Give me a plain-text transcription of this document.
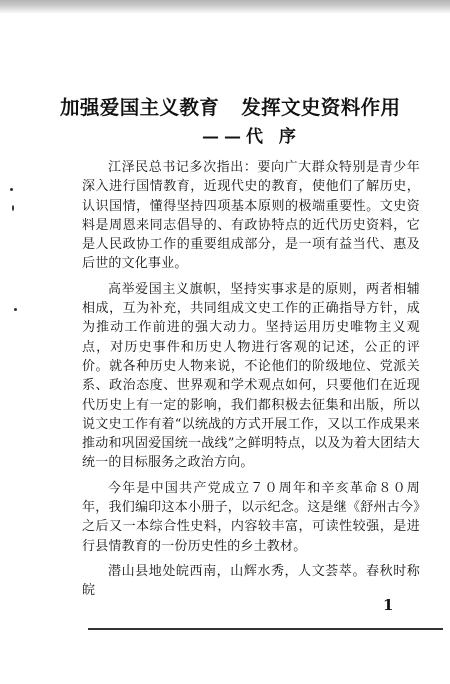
加强爱国主义教育 发挥文史资料作用
——代 序

江泽民总书记多次指出：要向广大群众特别是青少年深入进行国情教育，近现代史的教育，使他们了解历史，认识国情，懂得坚持四项基本原则的极端重要性。文史资料是周恩来同志倡导的、有政协特点的近代历史资料，它是人民政协工作的重要组成部分，是一项有益当代、惠及后世的文化事业。

高举爱国主义旗帜，坚持实事求是的原则，两者相辅相成，互为补充，共同组成文史工作的正确指导方针，成为推动工作前进的强大动力。坚持运用历史唯物主义观点，对历史事件和历史人物进行客观的记述，公正的评价。就各种历史人物来说，不论他们的阶级地位、党派关系、政治态度、世界观和学术观点如何，只要他们在近现代历史上有一定的影响，我们都积极去征集和出版，所以说文史工作有着“以统战的方式开展工作，又以工作成果来推动和巩固爱国统一战线”之鲜明特点，以及为着大团结大统一的目标服务之政治方向。

今年是中国共产党成立７０周年和辛亥革命８０周年，我们编印这本小册子，以示纪念。这是继《舒州古今》之后又一本综合性史料，内容较丰富，可读性较强，是进行县情教育的一份历史性的乡土教材。

潜山县地处皖西南，山辉水秀，人文荟萃。春秋时称皖

1
